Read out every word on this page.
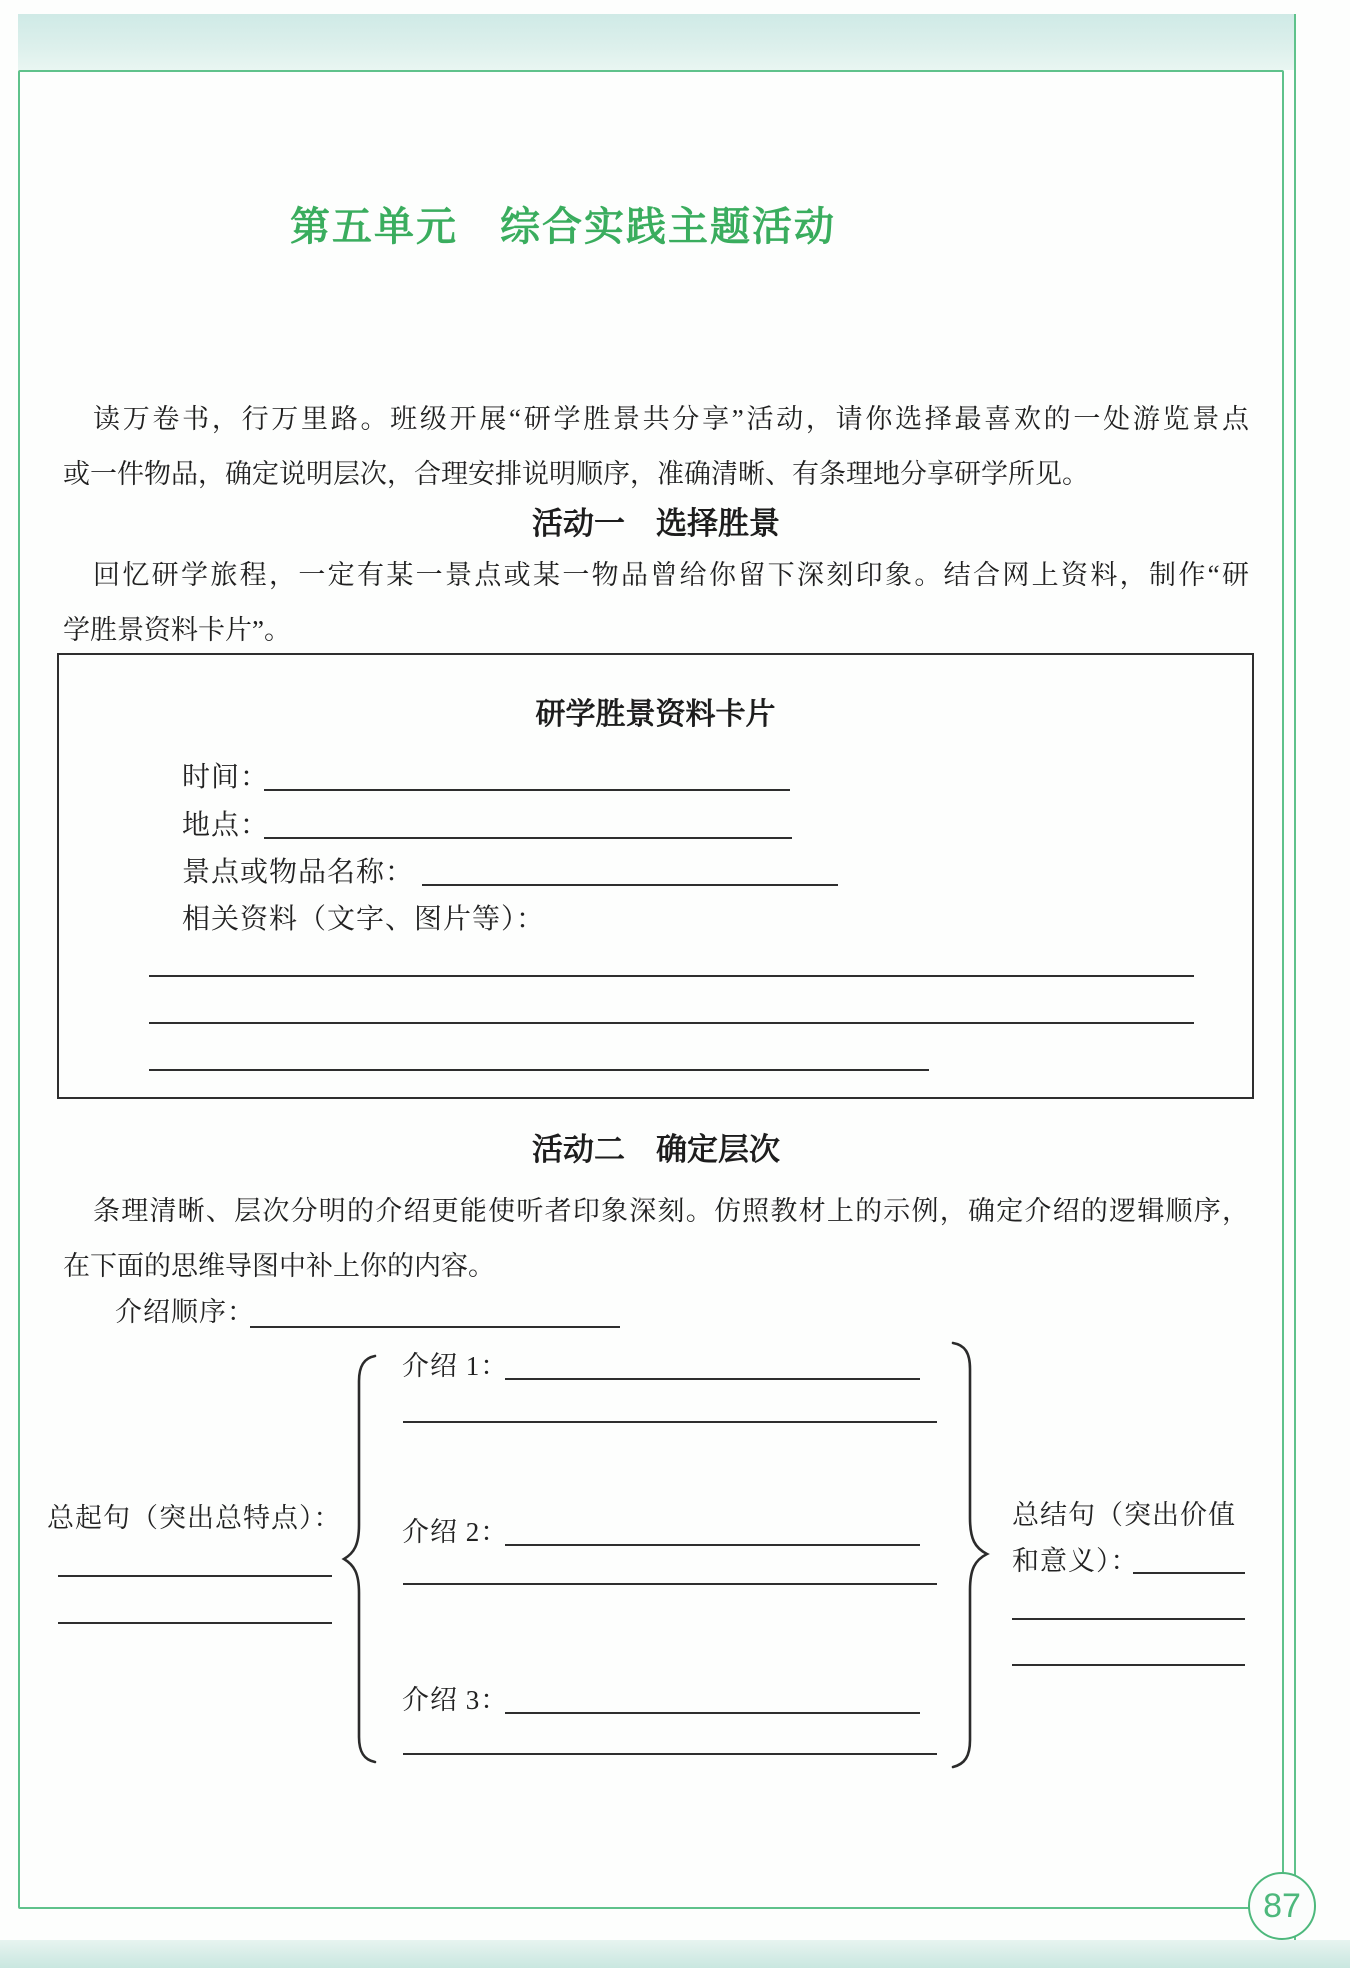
第五单元　综合实践主题活动
读万卷书，行万里路。班级开展“研学胜景共分享”活动，请你选择最喜欢的一处游览景点
或一件物品，确定说明层次，合理安排说明顺序，准确清晰、有条理地分享研学所见。
活动一　选择胜景
回忆研学旅程，一定有某一景点或某一物品曾给你留下深刻印象。结合网上资料，制作“研
学胜景资料卡片”。
研学胜景资料卡片
时间：
地点：
景点或物品名称：
相关资料（文字、图片等）：
活动二　确定层次
条理清晰、层次分明的介绍更能使听者印象深刻。仿照教材上的示例，确定介绍的逻辑顺序，
在下面的思维导图中补上你的内容。
介绍顺序：
总起句（突出总特点）：
介绍 1：
介绍 2：
介绍 3：
总结句（突出价值
和意义）：
87
